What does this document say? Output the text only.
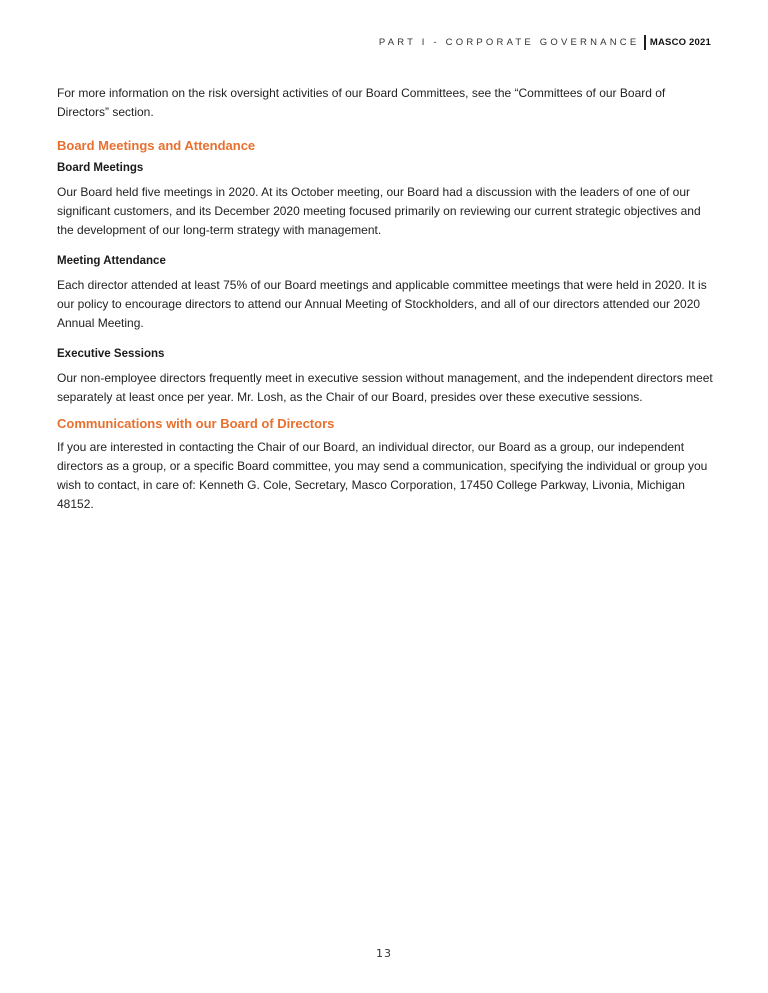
PART I - CORPORATE GOVERNANCE	MASCO 2021

For more information on the risk oversight activities of our Board Committees, see the “Committees of our Board of Directors” section.

Board Meetings and Attendance
Board Meetings

Our Board held five meetings in 2020. At its October meeting, our Board had a discussion with the leaders of one of our significant customers, and its December 2020 meeting focused primarily on reviewing our current strategic objectives and the development of our long-term strategy with management.

Meeting Attendance

Each director attended at least 75% of our Board meetings and applicable committee meetings that were held in 2020. It is our policy to encourage directors to attend our Annual Meeting of Stockholders, and all of our directors attended our 2020 Annual Meeting.

Executive Sessions

Our non-employee directors frequently meet in executive session without management, and the independent directors meet separately at least once per year. Mr. Losh, as the Chair of our Board, presides over these executive sessions.

Communications with our Board of Directors

If you are interested in contacting the Chair of our Board, an individual director, our Board as a group, our independent directors as a group, or a specific Board committee, you may send a communication, specifying the individual or group you wish to contact, in care of: Kenneth G. Cole, Secretary, Masco Corporation, 17450 College Parkway, Livonia, Michigan 48152.

13
